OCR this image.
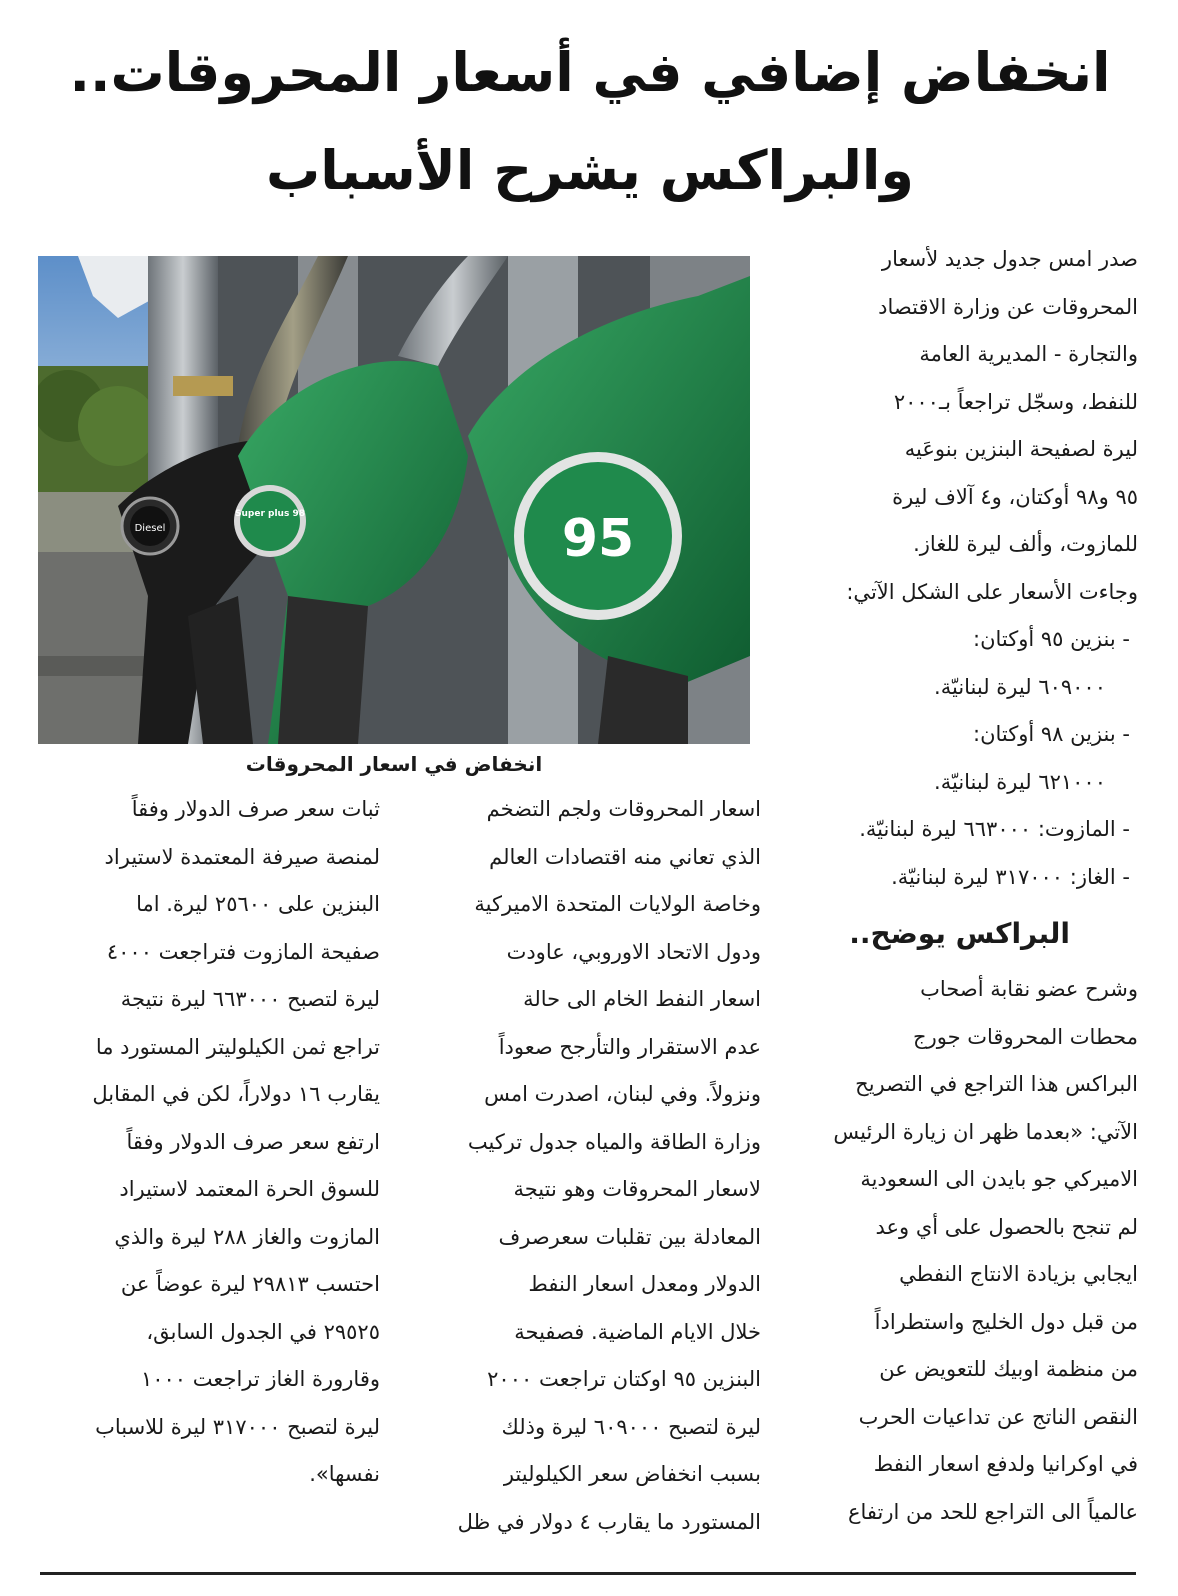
انخفاض إضافي في أسعار المحروقات..
والبراكس يشرح الأسباب
صدر امس جدول جديد لأسعار
المحروقات عن وزارة الاقتصاد
والتجارة - المديرية العامة
للنفط، وسجّل تراجعاً بـ٢٠٠٠
ليرة لصفيحة البنزين بنوعَيه
٩٥ و٩٨ أوكتان، و٤ آلاف ليرة
للمازوت، وألف ليرة للغاز.
وجاءت الأسعار على الشكل الآتي:
- بنزين ٩٥ أوكتان:
٦٠٩٠٠٠ ليرة لبنانيّة.
- بنزين ٩٨ أوكتان:
٦٢١٠٠٠ ليرة لبنانيّة.
- المازوت: ٦٦٣٠٠٠ ليرة لبنانيّة.
- الغاز: ٣١٧٠٠٠ ليرة لبنانيّة.
البراكس يوضح..
وشرح عضو نقابة أصحاب
محطات المحروقات جورج
البراكس هذا التراجع في التصريح
الآتي: «بعدما ظهر ان زيارة الرئيس
الاميركي جو بايدن الى السعودية
لم تنجح بالحصول على أي وعد
ايجابي بزيادة الانتاج النفطي
من قبل دول الخليج واستطراداً
من منظمة اوبيك للتعويض عن
النقص الناتج عن تداعيات الحرب
في اوكرانيا ولدفع اسعار النفط
عالمياً الى التراجع للحد من ارتفاع
Diesel
Super plus 98	95
انخفاض في اسعار المحروقات
اسعار المحروقات ولجم التضخم
الذي تعاني منه اقتصادات العالم
وخاصة الولايات المتحدة الاميركية
ودول الاتحاد الاوروبي، عاودت
اسعار النفط الخام الى حالة
عدم الاستقرار والتأرجح صعوداً
ونزولاً. وفي لبنان، اصدرت امس
وزارة الطاقة والمياه جدول تركيب
لاسعار المحروقات وهو نتيجة
المعادلة بين تقلبات سعرصرف
الدولار ومعدل اسعار النفط
خلال الايام الماضية. فصفيحة
البنزين ٩٥ اوكتان تراجعت ٢٠٠٠
ليرة لتصبح ٦٠٩٠٠٠ ليرة وذلك
بسبب انخفاض سعر الكيلوليتر
المستورد ما يقارب ٤ دولار في ظل
ثبات سعر صرف الدولار وفقاً
لمنصة صيرفة المعتمدة لاستيراد
البنزين على ٢٥٦٠٠ ليرة. اما
صفيحة المازوت فتراجعت ٤٠٠٠
ليرة لتصبح ٦٦٣٠٠٠ ليرة نتيجة
تراجع ثمن الكيلوليتر المستورد ما
يقارب ١٦ دولاراً، لكن في المقابل
ارتفع سعر صرف الدولار وفقاً
للسوق الحرة المعتمد لاستيراد
المازوت والغاز ٢٨٨ ليرة والذي
احتسب ٢٩٨١٣ ليرة عوضاً عن
٢٩٥٢٥ في الجدول السابق،
وقارورة الغاز تراجعت ١٠٠٠
ليرة لتصبح ٣١٧٠٠٠ ليرة للاسباب
نفسها».
